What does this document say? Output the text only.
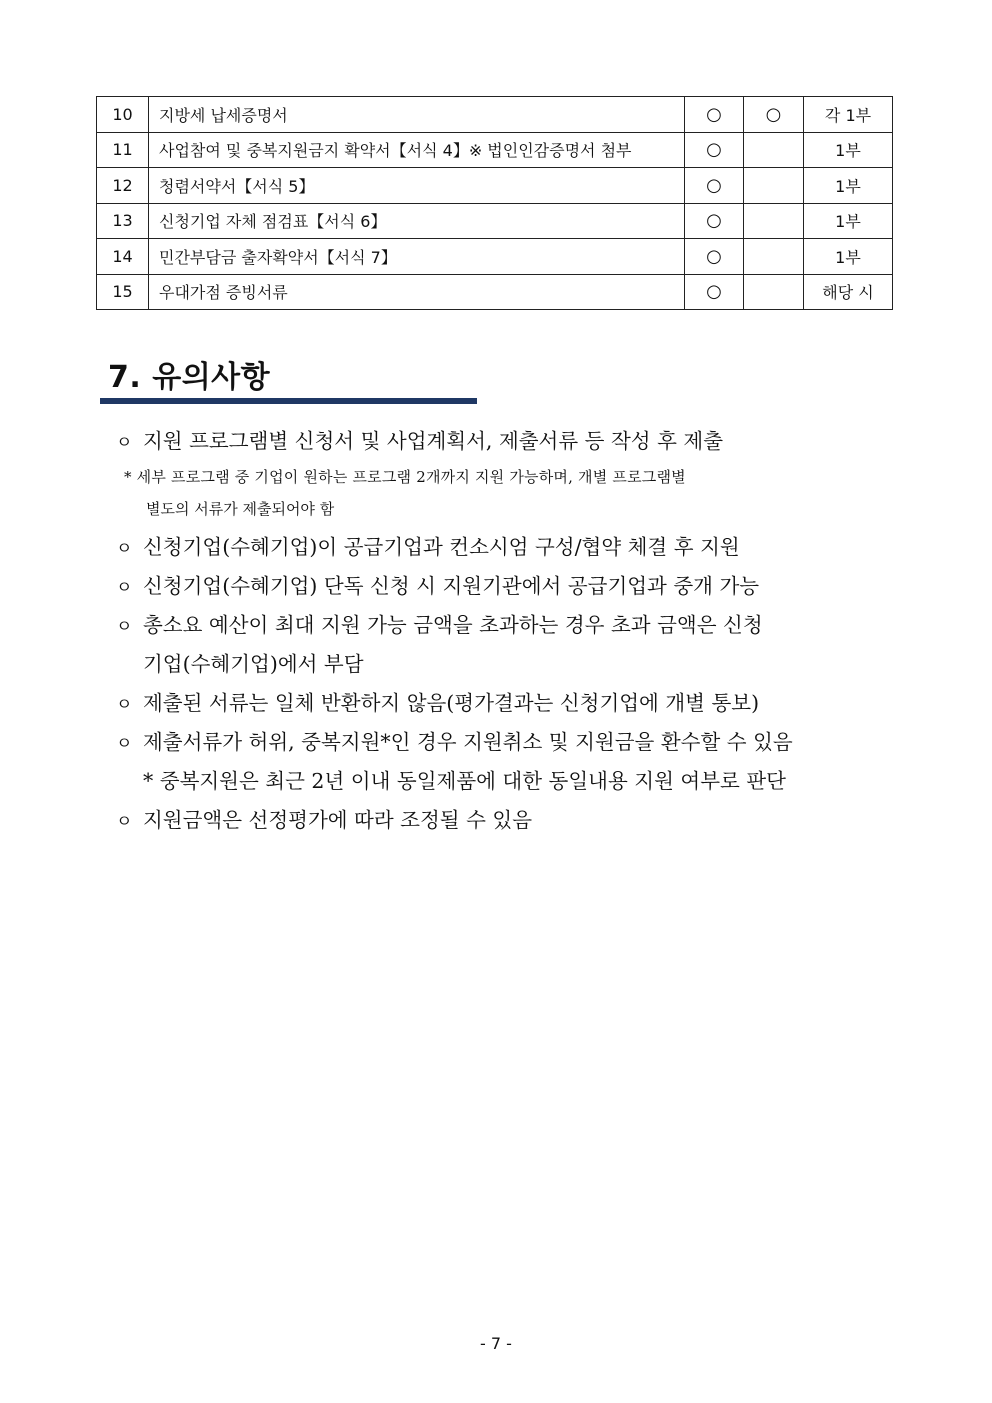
10	지방세 납세증명서	○	○	각 1부
11	사업참여 및 중복지원금지 확약서【서식 4】※ 법인인감증명서 첨부	○		1부
12	청렴서약서【서식 5】	○		1부
13	신청기업 자체 점검표【서식 6】	○		1부
14	민간부담금 출자확약서【서식 7】	○		1부
15	우대가점 증빙서류	○		해당 시
7. 유의사항

ㅇ 지원 프로그램별 신청서 및 사업계획서, 제출서류 등 작성 후 제출

* 세부 프로그램 중 기업이 원하는 프로그램 2개까지 지원 가능하며, 개별 프로그램별

별도의 서류가 제출되어야 함

ㅇ 신청기업(수혜기업)이 공급기업과 컨소시엄 구성/협약 체결 후 지원

ㅇ 신청기업(수혜기업) 단독 신청 시 지원기관에서 공급기업과 중개 가능

ㅇ 총소요 예산이 최대 지원 가능 금액을 초과하는 경우 초과 금액은 신청

기업(수혜기업)에서 부담

ㅇ 제출된 서류는 일체 반환하지 않음(평가결과는 신청기업에 개별 통보)

ㅇ 제출서류가 허위, 중복지원*인 경우 지원취소 및 지원금을 환수할 수 있음

* 중복지원은 최근 2년 이내 동일제품에 대한 동일내용 지원 여부로 판단

ㅇ 지원금액은 선정평가에 따라 조정될 수 있음

- 7 -
